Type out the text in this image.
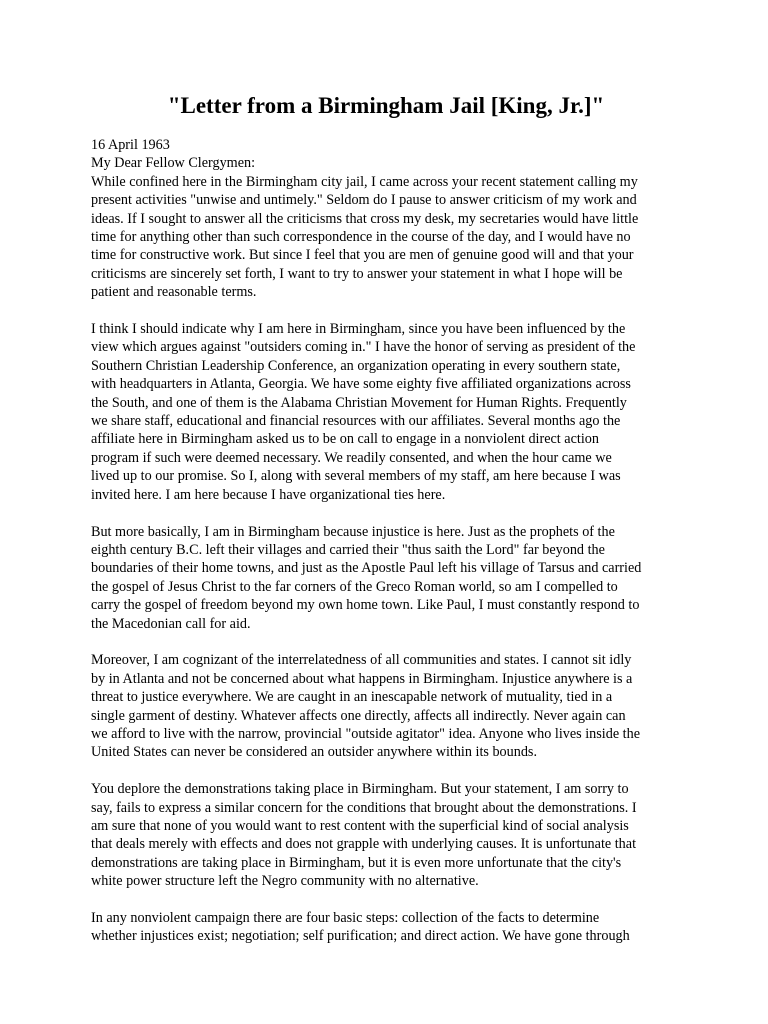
"Letter from a Birmingham Jail [King, Jr.]"
16 April 1963
My Dear Fellow Clergymen:
While confined here in the Birmingham city jail, I came across your recent statement calling my
present activities "unwise and untimely." Seldom do I pause to answer criticism of my work and
ideas. If I sought to answer all the criticisms that cross my desk, my secretaries would have little
time for anything other than such correspondence in the course of the day, and I would have no
time for constructive work. But since I feel that you are men of genuine good will and that your
criticisms are sincerely set forth, I want to try to answer your statement in what I hope will be
patient and reasonable terms.
I think I should indicate why I am here in Birmingham, since you have been influenced by the
view which argues against "outsiders coming in." I have the honor of serving as president of the
Southern Christian Leadership Conference, an organization operating in every southern state,
with headquarters in Atlanta, Georgia. We have some eighty five affiliated organizations across
the South, and one of them is the Alabama Christian Movement for Human Rights. Frequently
we share staff, educational and financial resources with our affiliates. Several months ago the
affiliate here in Birmingham asked us to be on call to engage in a nonviolent direct action
program if such were deemed necessary. We readily consented, and when the hour came we
lived up to our promise. So I, along with several members of my staff, am here because I was
invited here. I am here because I have organizational ties here.
But more basically, I am in Birmingham because injustice is here. Just as the prophets of the
eighth century B.C. left their villages and carried their "thus saith the Lord" far beyond the
boundaries of their home towns, and just as the Apostle Paul left his village of Tarsus and carried
the gospel of Jesus Christ to the far corners of the Greco Roman world, so am I compelled to
carry the gospel of freedom beyond my own home town. Like Paul, I must constantly respond to
the Macedonian call for aid.
Moreover, I am cognizant of the interrelatedness of all communities and states. I cannot sit idly
by in Atlanta and not be concerned about what happens in Birmingham. Injustice anywhere is a
threat to justice everywhere. We are caught in an inescapable network of mutuality, tied in a
single garment of destiny. Whatever affects one directly, affects all indirectly. Never again can
we afford to live with the narrow, provincial "outside agitator" idea. Anyone who lives inside the
United States can never be considered an outsider anywhere within its bounds.
You deplore the demonstrations taking place in Birmingham. But your statement, I am sorry to
say, fails to express a similar concern for the conditions that brought about the demonstrations. I
am sure that none of you would want to rest content with the superficial kind of social analysis
that deals merely with effects and does not grapple with underlying causes. It is unfortunate that
demonstrations are taking place in Birmingham, but it is even more unfortunate that the city's
white power structure left the Negro community with no alternative.
In any nonviolent campaign there are four basic steps: collection of the facts to determine
whether injustices exist; negotiation; self purification; and direct action. We have gone through
